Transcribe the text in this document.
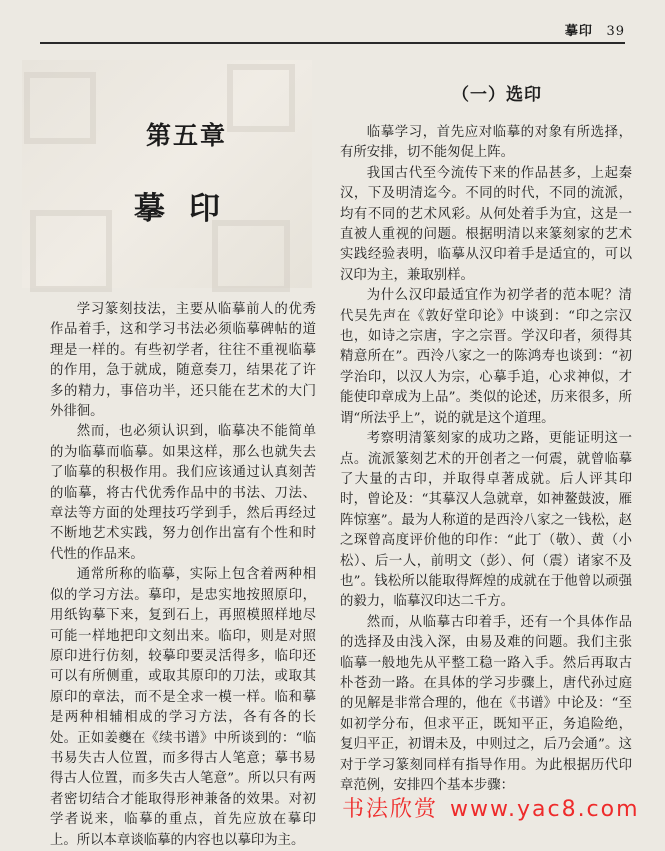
摹印 39
第五章
摹印

学习篆刻技法，主要从临摹前人的优秀作品着手，这和学习书法必须临摹碑帖的道理是一样的。有些初学者，往往不重视临摹的作用，急于就成，随意奏刀，结果花了许多的精力，事倍功半，还只能在艺术的大门外徘徊。

然而，也必须认识到，临摹决不能简单的为临摹而临摹。如果这样，那么也就失去了临摹的积极作用。我们应该通过认真刻苦的临摹，将古代优秀作品中的书法、刀法、章法等方面的处理技巧学到手，然后再经过不断地艺术实践，努力创作出富有个性和时代性的作品来。

通常所称的临摹，实际上包含着两种相似的学习方法。摹印，是忠实地按照原印，用纸钩摹下来，复到石上，再照模照样地尽可能一样地把印文刻出来。临印，则是对照原印进行仿刻，较摹印要灵活得多，临印还可以有所侧重，或取其原印的刀法，或取其原印的章法，而不是全求一模一样。临和摹是两种相辅相成的学习方法，各有各的长处。正如姜夔在《续书谱》中所谈到的：“临书易失古人位置，而多得古人笔意；摹书易得古人位置，而多失古人笔意”。所以只有两者密切结合才能取得形神兼备的效果。对初学者说来，临摹的重点，首先应放在摹印上。所以本章谈临摹的内容也以摹印为主。

（一）选印

临摹学习，首先应对临摹的对象有所选择，有所安排，切不能匆促上阵。

我国古代至今流传下来的作品甚多，上起秦汉，下及明清迄今。不同的时代，不同的流派，均有不同的艺术风彩。从何处着手为宜，这是一直被人重视的问题。根据明清以来篆刻家的艺术实践经验表明，临摹从汉印着手是适宜的，可以汉印为主，兼取别样。

为什么汉印最适宜作为初学者的范本呢？清代吴先声在《敦好堂印论》中谈到：“印之宗汉也，如诗之宗唐，字之宗晋。学汉印者，须得其精意所在”。西泠八家之一的陈鸿寿也谈到：“初学治印，以汉人为宗，心摹手追，心求神似，才能使印章成为上品”。类似的论述，历来很多，所谓“所法乎上”，说的就是这个道理。

考察明清篆刻家的成功之路，更能证明这一点。流派篆刻艺术的开创者之一何震，就曾临摹了大量的古印，并取得卓著成就。后人评其印时，曾论及：“其摹汉人急就章，如神鳌鼓波，雁阵惊塞”。最为人称道的是西泠八家之一钱松，赵之琛曾高度评价他的印作：“此丁（敬）、黄（小松）、后一人，前明文（彭）、何（震）诸家不及也”。钱松所以能取得辉煌的成就在于他曾以顽强的毅力，临摹汉印达二千方。

然而，从临摹古印着手，还有一个具体作品的选择及由浅入深，由易及难的问题。我们主张临摹一般地先从平整工稳一路入手。然后再取古朴苍劲一路。在具体的学习步骤上，唐代孙过庭的见解是非常合理的，他在《书谱》中论及：“至如初学分布，但求平正，既知平正，务追险绝，复归平正，初谓未及，中则过之，后乃会通”。这对于学习篆刻同样有指导作用。为此根据历代印章范例，安排四个基本步骤：

书法欣赏 www.yac8.com
